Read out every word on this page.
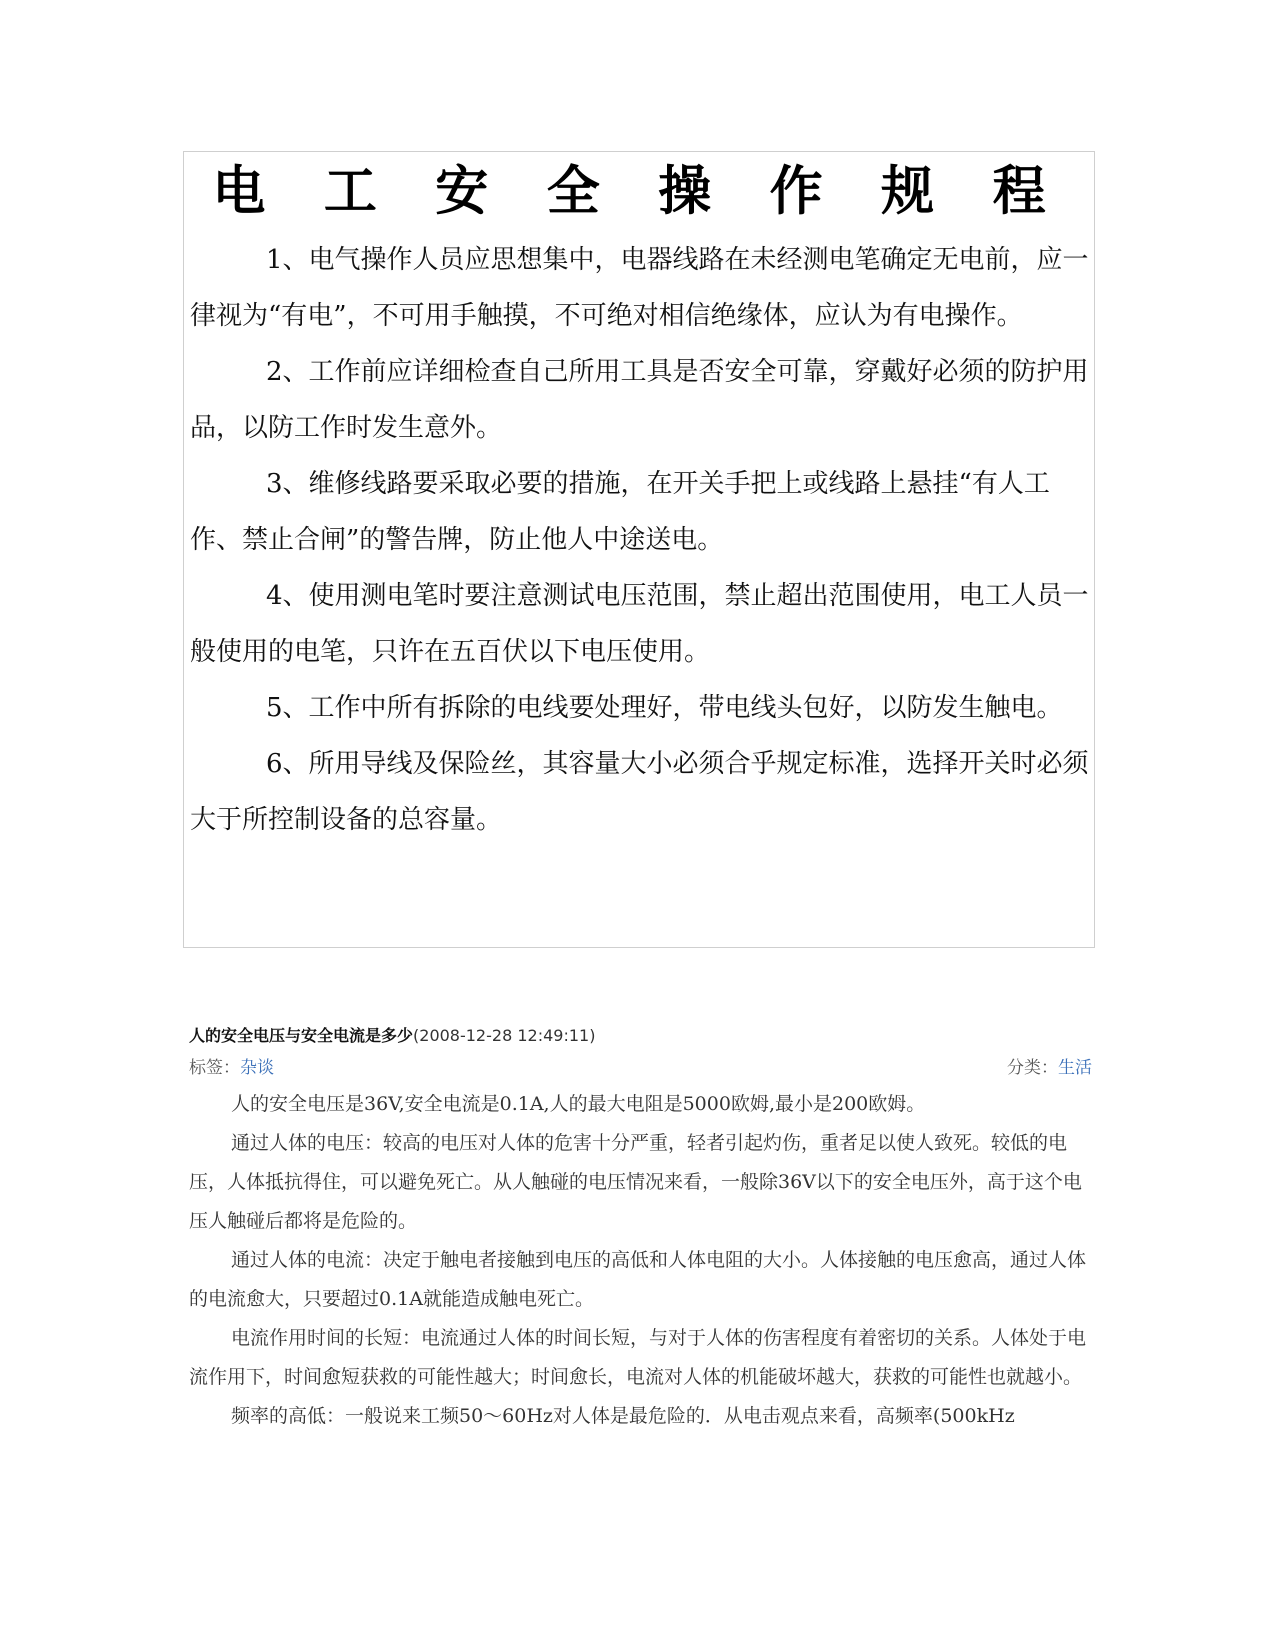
电 工 安 全 操 作 规 程

1、电气操作人员应思想集中，电器线路在未经测电笔确定无电前，应一律视为“有电”，不可用手触摸，不可绝对相信绝缘体，应认为有电操作。

2、工作前应详细检查自己所用工具是否安全可靠，穿戴好必须的防护用品，以防工作时发生意外。

3、维修线路要采取必要的措施，在开关手把上或线路上悬挂“有人工作、禁止合闸”的警告牌，防止他人中途送电。

4、使用测电笔时要注意测试电压范围，禁止超出范围使用，电工人员一般使用的电笔，只许在五百伏以下电压使用。

5、工作中所有拆除的电线要处理好，带电线头包好，以防发生触电。

6、所用导线及保险丝，其容量大小必须合乎规定标准，选择开关时必须大于所控制设备的总容量。

人的安全电压与安全电流是多少(2008-12-28 12:49:11)
标签：杂谈	分类：生活

人的安全电压是36V,安全电流是0.1A,人的最大电阻是5000欧姆,最小是200欧姆。

通过人体的电压：较高的电压对人体的危害十分严重，轻者引起灼伤，重者足以使人致死。较低的电压，人体抵抗得住，可以避免死亡。从人触碰的电压情况来看，一般除36V以下的安全电压外，高于这个电压人触碰后都将是危险的。

通过人体的电流：决定于触电者接触到电压的高低和人体电阻的大小。人体接触的电压愈高，通过人体的电流愈大，只要超过0.1A就能造成触电死亡。

电流作用时间的长短：电流通过人体的时间长短，与对于人体的伤害程度有着密切的关系。人体处于电流作用下，时间愈短获救的可能性越大；时间愈长，电流对人体的机能破坏越大，获救的可能性也就越小。

频率的高低：一般说来工频50～60Hz对人体是最危险的．从电击观点来看，高频率(500kHz
